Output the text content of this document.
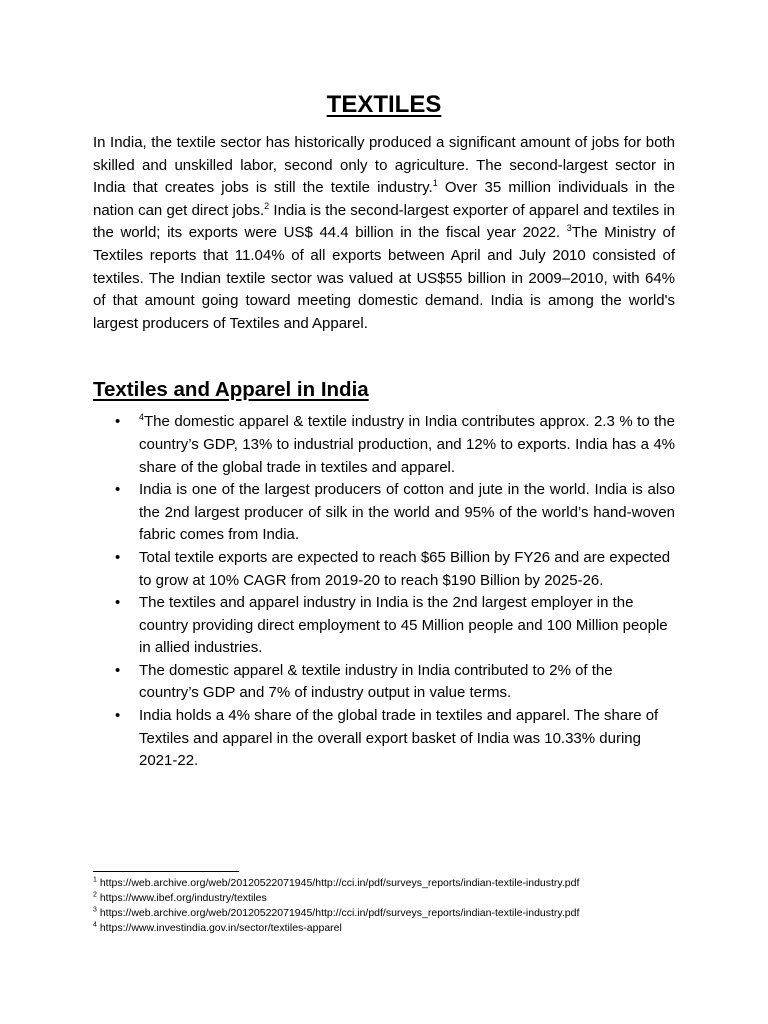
TEXTILES

In India, the textile sector has historically produced a significant amount of jobs for both skilled and unskilled labor, second only to agriculture. The second-largest sector in India that creates jobs is still the textile industry.$^1$ Over 35 million individuals in the nation can get direct jobs.$^2$ India is the second-largest exporter of apparel and textiles in the world; its exports were US$ 44.4 billion in the fiscal year 2022. $^3$The Ministry of Textiles reports that 11.04% of all exports between April and July 2010 consisted of textiles. The Indian textile sector was valued at US$55 billion in 2009–2010, with 64% of that amount going toward meeting domestic demand. India is among the world's largest producers of Textiles and Apparel.

Textiles and Apparel in India
• $^4$The domestic apparel & textile industry in India contributes approx. 2.3 % to the country’s GDP, 13% to industrial production, and 12% to exports. India has a 4% share of the global trade in textiles and apparel.
• India is one of the largest producers of cotton and jute in the world. India is also the 2nd largest producer of silk in the world and 95% of the world’s hand-woven fabric comes from India.
• Total textile exports are expected to reach $65 Billion by FY26 and are expected to grow at 10% CAGR from 2019-20 to reach $190 Billion by 2025-26.
• The textiles and apparel industry in India is the 2nd largest employer in the country providing direct employment to 45 Million people and 100 Million people in allied industries.
• The domestic apparel & textile industry in India contributed to 2% of the country’s GDP and 7% of industry output in value terms.
• India holds a 4% share of the global trade in textiles and apparel. The share of Textiles and apparel in the overall export basket of India was 10.33% during 2021-22.
$^1$ https://web.archive.org/web/20120522071945/http://cci.in/pdf/surveys_reports/indian-textile-industry.pdf
$^2$ https://www.ibef.org/industry/textiles
$^3$ https://web.archive.org/web/20120522071945/http://cci.in/pdf/surveys_reports/indian-textile-industry.pdf
$^4$ https://www.investindia.gov.in/sector/textiles-apparel
